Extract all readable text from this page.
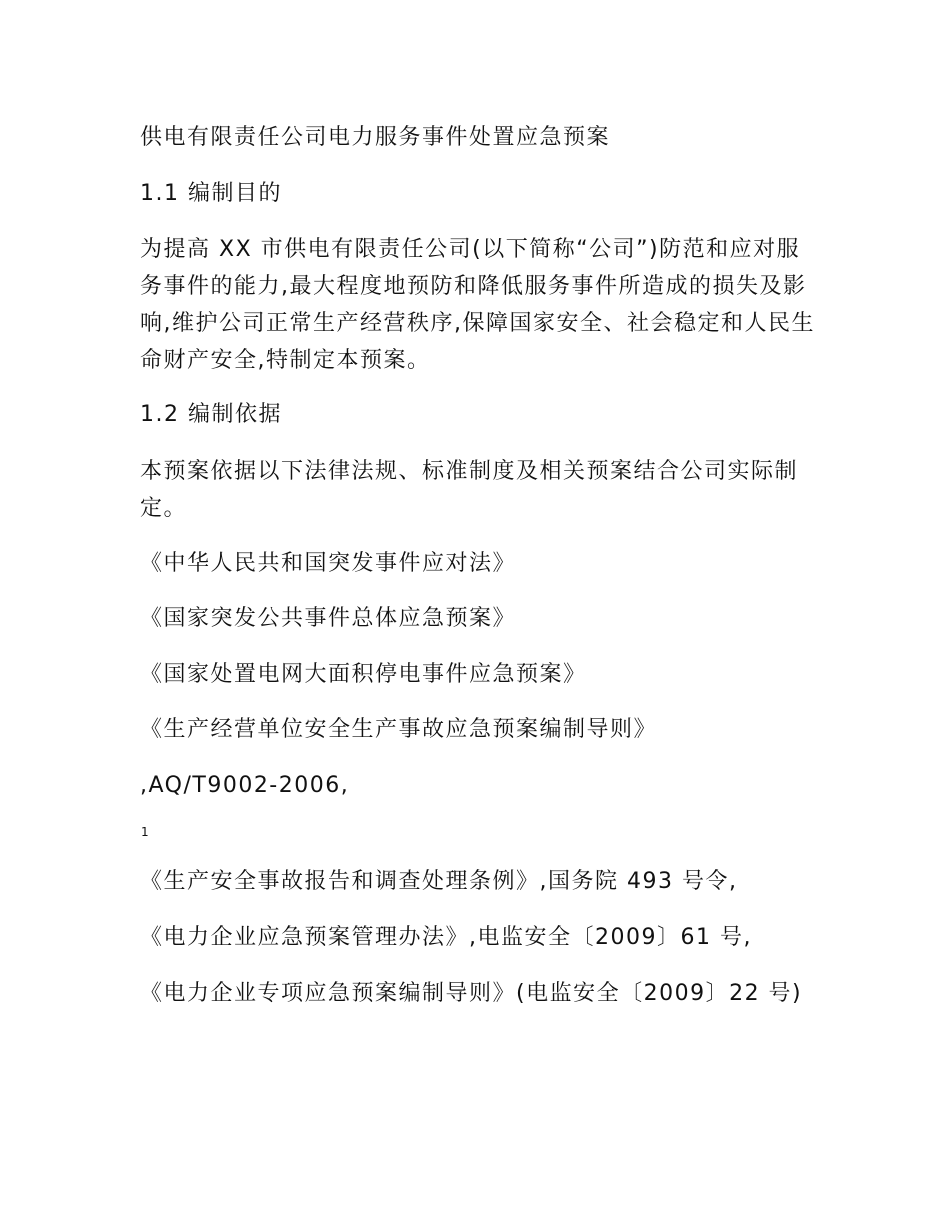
供电有限责任公司电力服务事件处置应急预案
1.1 编制目的
为提高 XX 市供电有限责任公司(以下简称“公司”)防范和应对服务事件的能力,最大程度地预防和降低服务事件所造成的损失及影响,维护公司正常生产经营秩序,保障国家安全、社会稳定和人民生命财产安全,特制定本预案。
1.2 编制依据
本预案依据以下法律法规、标准制度及相关预案结合公司实际制定。
《中华人民共和国突发事件应对法》
《国家突发公共事件总体应急预案》
《国家处置电网大面积停电事件应急预案》
《生产经营单位安全生产事故应急预案编制导则》
,AQ/T9002-2006,
1
《生产安全事故报告和调查处理条例》,国务院 493 号令,
《电力企业应急预案管理办法》,电监安全〔2009〕61 号,
《电力企业专项应急预案编制导则》(电监安全〔2009〕22 号)
